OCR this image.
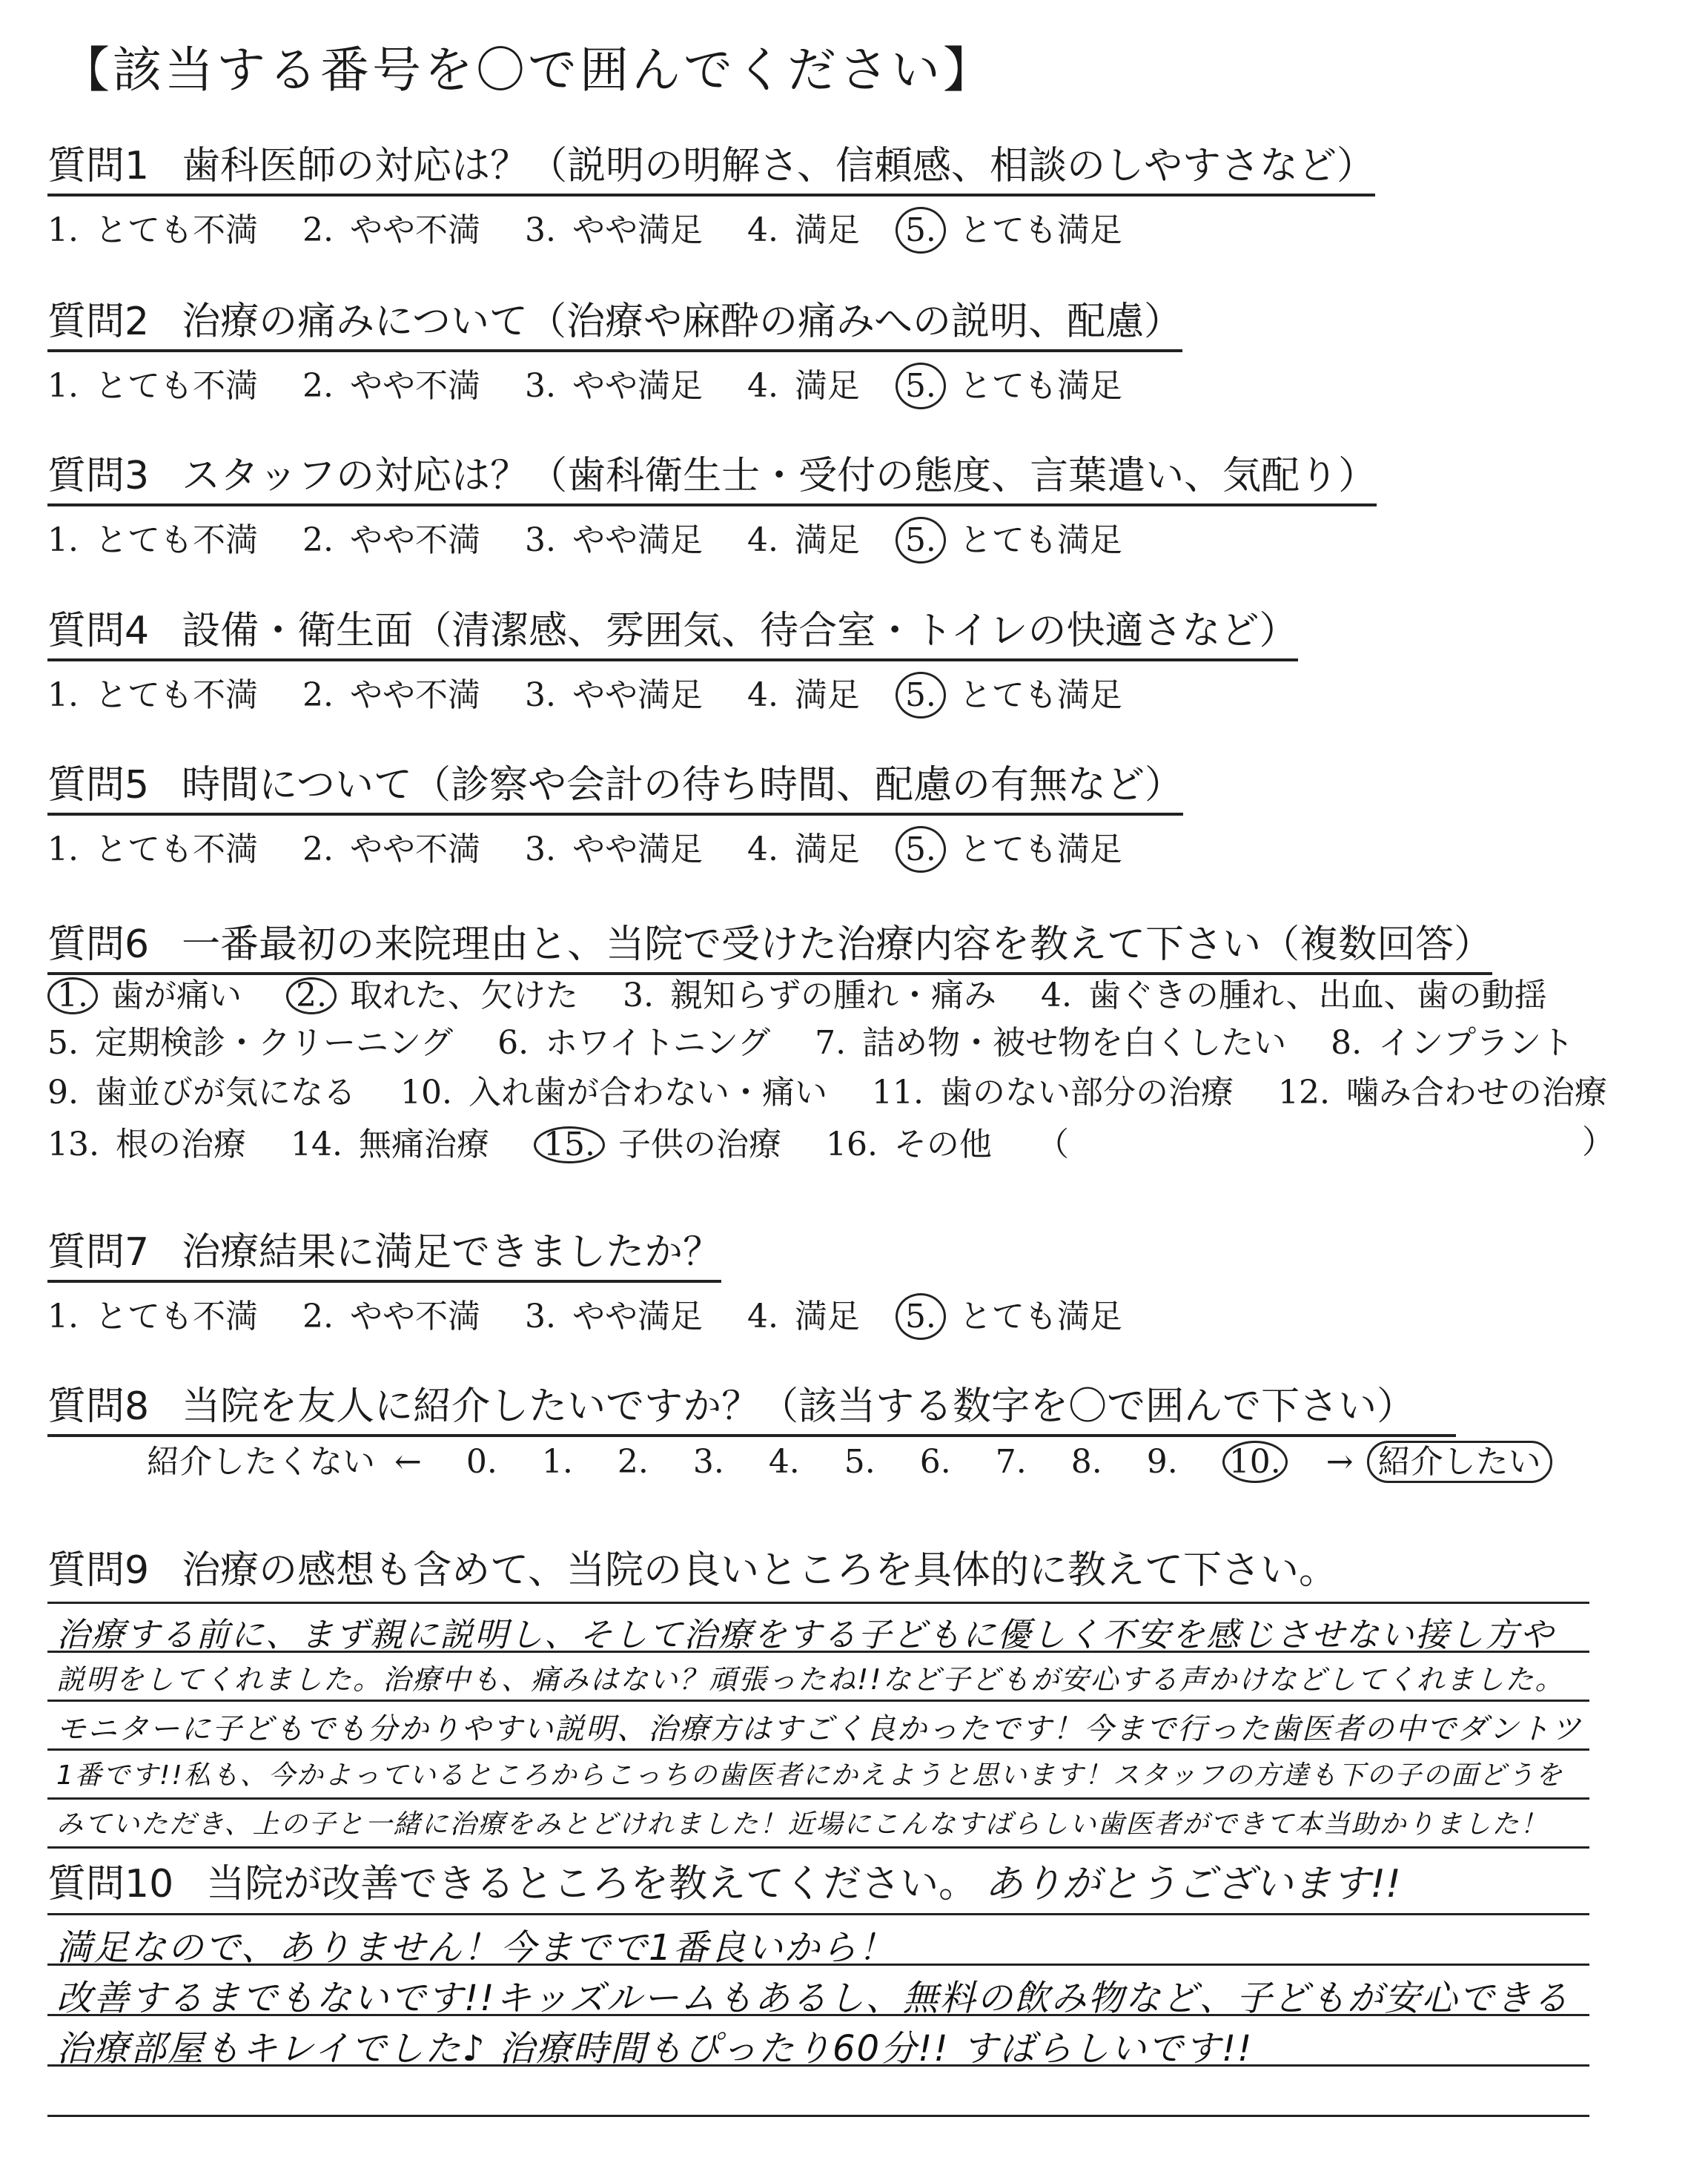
【該当する番号を〇で囲んでください】
質問1 歯科医師の対応は？（説明の明解さ、信頼感、相談のしやすさなど）
1. とても不満 2. やや不満 3. やや満足 4. 満足 5. とても満足
質問2 治療の痛みについて（治療や麻酔の痛みへの説明、配慮）
1. とても不満 2. やや不満 3. やや満足 4. 満足 5. とても満足
質問3 スタッフの対応は？（歯科衛生士・受付の態度、言葉遣い、気配り）
1. とても不満 2. やや不満 3. やや満足 4. 満足 5. とても満足
質問4 設備・衛生面（清潔感、雰囲気、待合室・トイレの快適さなど）
1. とても不満 2. やや不満 3. やや満足 4. 満足 5. とても満足
質問5 時間について（診察や会計の待ち時間、配慮の有無など）
1. とても不満 2. やや不満 3. やや満足 4. 満足 5. とても満足
質問6 一番最初の来院理由と、当院で受けた治療内容を教えて下さい（複数回答）
1. 歯が痛い 2. 取れた、欠けた 3. 親知らずの腫れ・痛み 4. 歯ぐきの腫れ、出血、歯の動揺
5. 定期検診・クリーニング 6. ホワイトニング 7. 詰め物・被せ物を白くしたい 8. インプラント
9. 歯並びが気になる 10. 入れ歯が合わない・痛い 11. 歯のない部分の治療 12. 噛み合わせの治療
13. 根の治療 14. 無痛治療 15. 子供の治療 16. その他 （	）
質問7 治療結果に満足できましたか？
1. とても不満 2. やや不満 3. やや満足 4. 満足 5. とても満足
質問8 当院を友人に紹介したいですか？（該当する数字を〇で囲んで下さい）
紹介したくない ← 0. 1. 2. 3. 4. 5. 6. 7. 8. 9. 10. → 紹介したい
質問9 治療の感想も含めて、当院の良いところを具体的に教えて下さい。
治療する前に、まず親に説明し、そして治療をする子どもに優しく不安を感じさせない接し方や
説明をしてくれました。治療中も、痛みはない？頑張ったね!!など子どもが安心する声かけなどしてくれました。
モニターに子どもでも分かりやすい説明、治療方はすごく良かったです！今まで行った歯医者の中でダントツ
1番です!!私も、今かよっているところからこっちの歯医者にかえようと思います！スタッフの方達も下の子の面どうを
みていただき、上の子と一緒に治療をみとどけれました！近場にこんなすばらしい歯医者ができて本当助かりました！
質問10 当院が改善できるところを教えてください。 ありがとうございます!!
満足なので、ありません！今までで1番良いから！
改善するまでもないです!!キッズルームもあるし、無料の飲み物など、子どもが安心できる
治療部屋もキレイでした♪ 治療時間もぴったり60分!! すばらしいです!!
